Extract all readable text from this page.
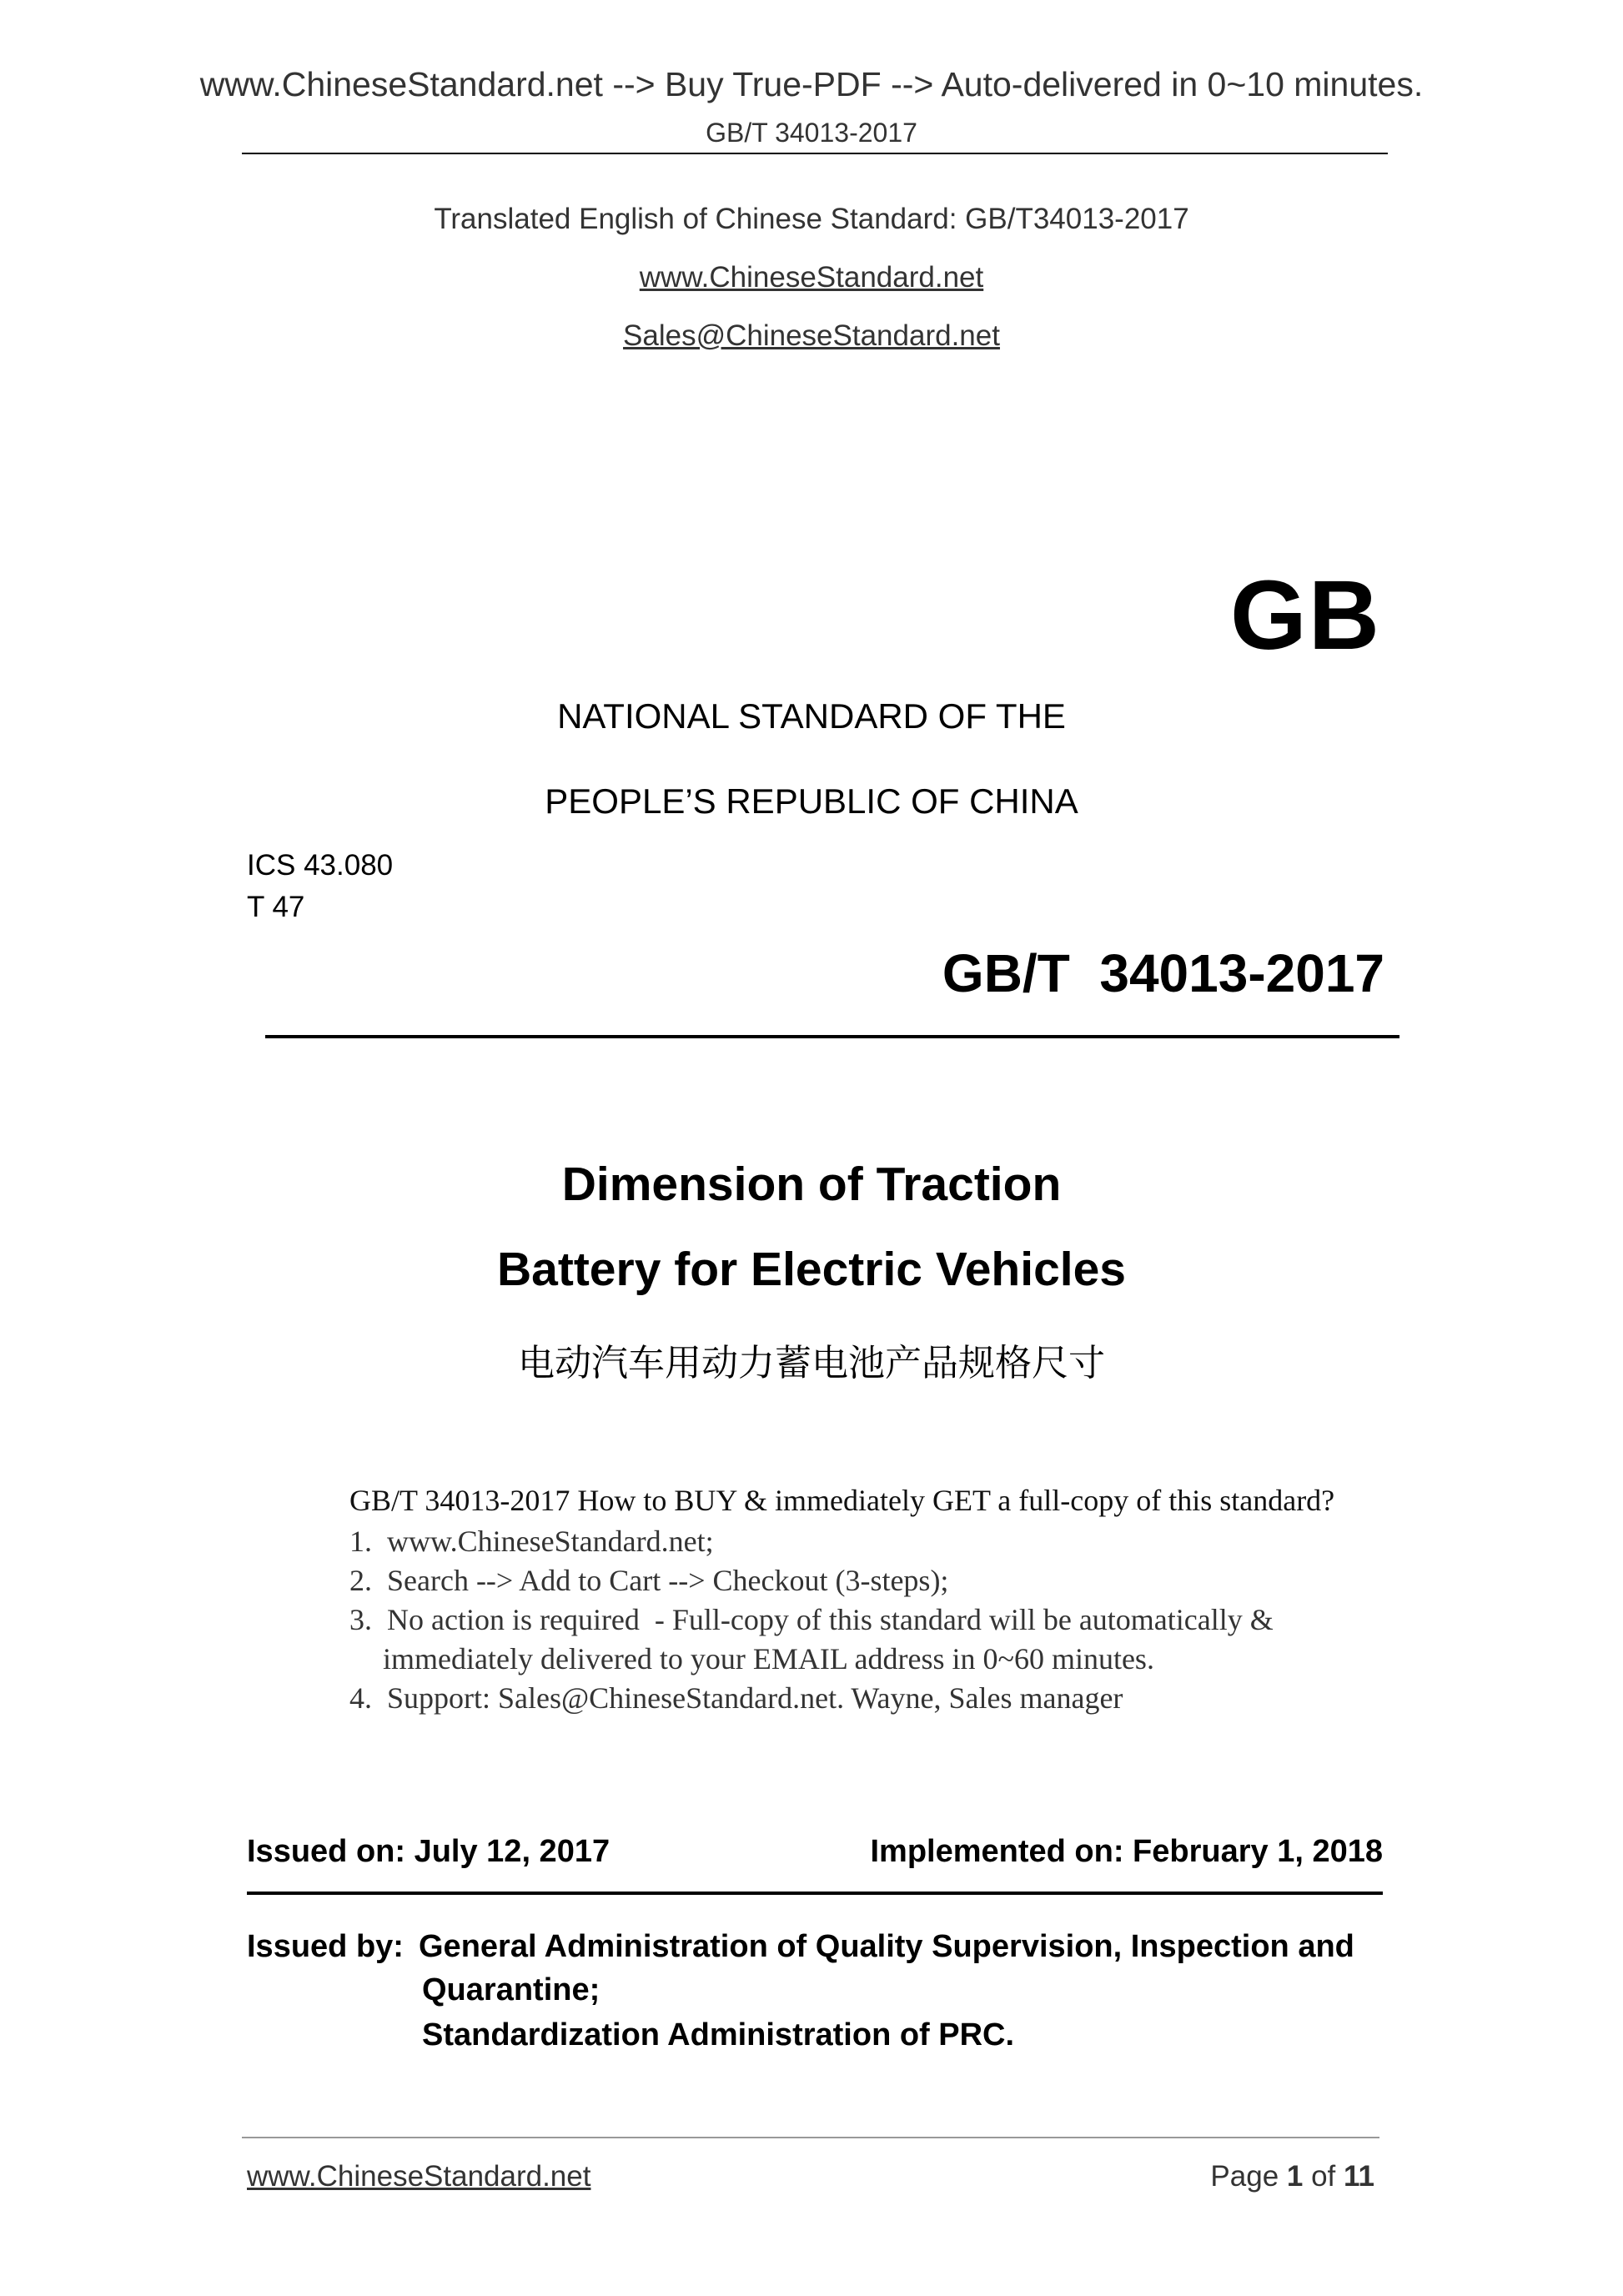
www.ChineseStandard.net --> Buy True-PDF --> Auto-delivered in 0~10 minutes.
GB/T 34013-2017
Translated English of Chinese Standard: GB/T34013-2017
www.ChineseStandard.net
Sales@ChineseStandard.net
GB
NATIONAL STANDARD OF THE
PEOPLE’S REPUBLIC OF CHINA
ICS 43.080
T 47
GB/T  34013-2017
Dimension of Traction
Battery for Electric Vehicles
电动汽车用动力蓄电池产品规格尺寸
GB/T 34013-2017 How to BUY & immediately GET a full-copy of this standard?
1.  www.ChineseStandard.net;
2.  Search --> Add to Cart --> Checkout (3-steps);
3.  No action is required  - Full-copy of this standard will be automatically &
immediately delivered to your EMAIL address in 0~60 minutes.
4.  Support: Sales@ChineseStandard.net. Wayne, Sales manager
Issued on: July 12, 2017	Implemented on: February 1, 2018
Issued by: General Administration of Quality Supervision, Inspection and
Quarantine;
Standardization Administration of PRC.
www.ChineseStandard.net	Page 1 of 11
